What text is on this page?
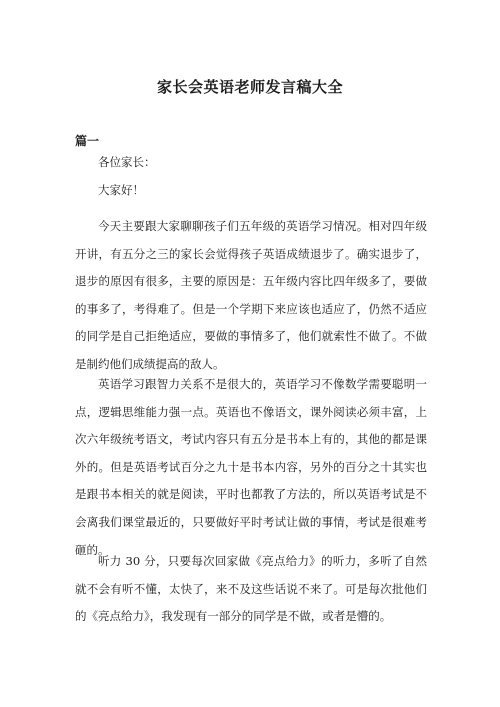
家长会英语老师发言稿大全
篇一
各位家长：
大家好！

今天主要跟大家聊聊孩子们五年级的英语学习情况。相对四年级开讲，有五分之三的家长会觉得孩子英语成绩退步了。确实退步了，退步的原因有很多，主要的原因是：五年级内容比四年级多了，要做的事多了，考得难了。但是一个学期下来应该也适应了，仍然不适应的同学是自己拒绝适应，要做的事情多了，他们就索性不做了。不做是制约他们成绩提高的敌人。

英语学习跟智力关系不是很大的，英语学习不像数学需要聪明一点，逻辑思维能力强一点。英语也不像语文，课外阅读必须丰富，上次六年级统考语文，考试内容只有五分是书本上有的，其他的都是课外的。但是英语考试百分之九十是书本内容，另外的百分之十其实也是跟书本相关的就是阅读，平时也都教了方法的，所以英语考试是不会离我们课堂最近的，只要做好平时考试让做的事情，考试是很难考砸的。

听力 30 分，只要每次回家做《亮点给力》的听力，多听了自然就不会有听不懂，太快了，来不及这些话说不来了。可是每次批他们的《亮点给力》，我发现有一部分的同学是不做，或者是懵的。
